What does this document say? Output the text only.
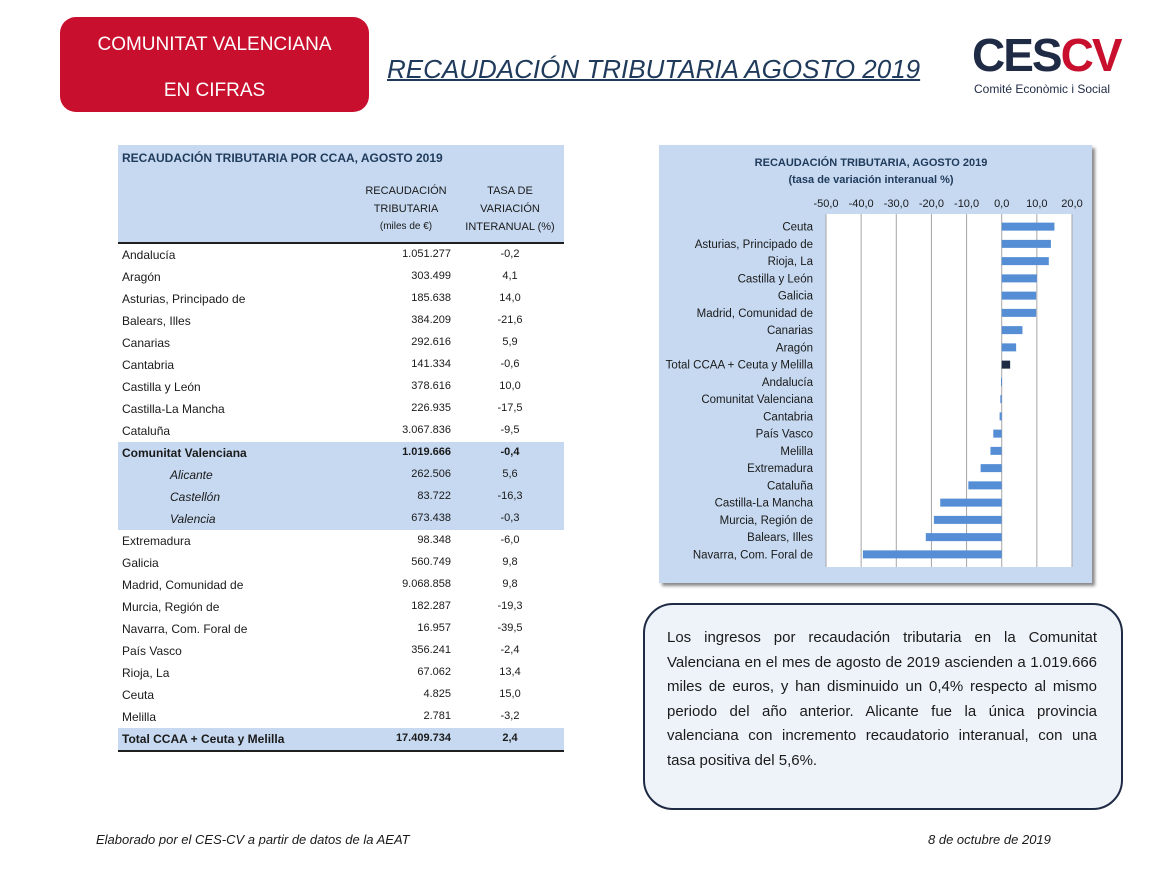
COMUNITAT VALENCIANA
EN CIFRAS
RECAUDACIÓN TRIBUTARIA AGOSTO 2019 CESCV
Comité Econòmic i Social
RECAUDACIÓN TRIBUTARIA POR CCAA, AGOSTO 2019
RECAUDACIÓN
TRIBUTARIA
(miles de €)
TASA DE
VARIACIÓN
INTERANUAL (%)
Andalucía	1.051.277	-0,2
Aragón	303.499	4,1
Asturias, Principado de	185.638	14,0
Balears, Illes	384.209	-21,6
Canarias	292.616	5,9
Cantabria	141.334	-0,6
Castilla y León	378.616	10,0
Castilla-La Mancha	226.935	-17,5
Cataluña	3.067.836	-9,5
Comunitat Valenciana	1.019.666	-0,4
Alicante	262.506	5,6
Castellón	83.722	-16,3
Valencia	673.438	-0,3
Extremadura	98.348	-6,0
Galicia	560.749	9,8
Madrid, Comunidad de	9.068.858	9,8
Murcia, Región de	182.287	-19,3
Navarra, Com. Foral de	16.957	-39,5
País Vasco	356.241	-2,4
Rioja, La	67.062	13,4
Ceuta	4.825	15,0
Melilla	2.781	-3,2
Total CCAA + Ceuta y Melilla	17.409.734	2,4
RECAUDACIÓN TRIBUTARIA, AGOSTO 2019
(tasa de variación interanual %)
-50,0 -40,0 -30,0 -20,0 -10,0 0,0 10,0 20,0
Ceuta
Asturias, Principado de
Rioja, La
Castilla y León
Galicia
Madrid, Comunidad de
Canarias
Aragón
Total CCAA + Ceuta y Melilla
Andalucía
Comunitat Valenciana
Cantabria
País Vasco
Melilla
Extremadura
Cataluña
Castilla-La Mancha
Murcia, Región de
Balears, Illes
Navarra, Com. Foral de

Los ingresos por recaudación tributaria en la Comunitat Valenciana en el mes de agosto de 2019 ascienden a 1.019.666 miles de euros, y han disminuido un 0,4% respecto al mismo periodo del año anterior. Alicante fue la única provincia valenciana con incremento recaudatorio interanual, con una tasa positiva del 5,6%.

Elaborado por el CES-CV a partir de datos de la AEAT	8 de octubre de 2019
